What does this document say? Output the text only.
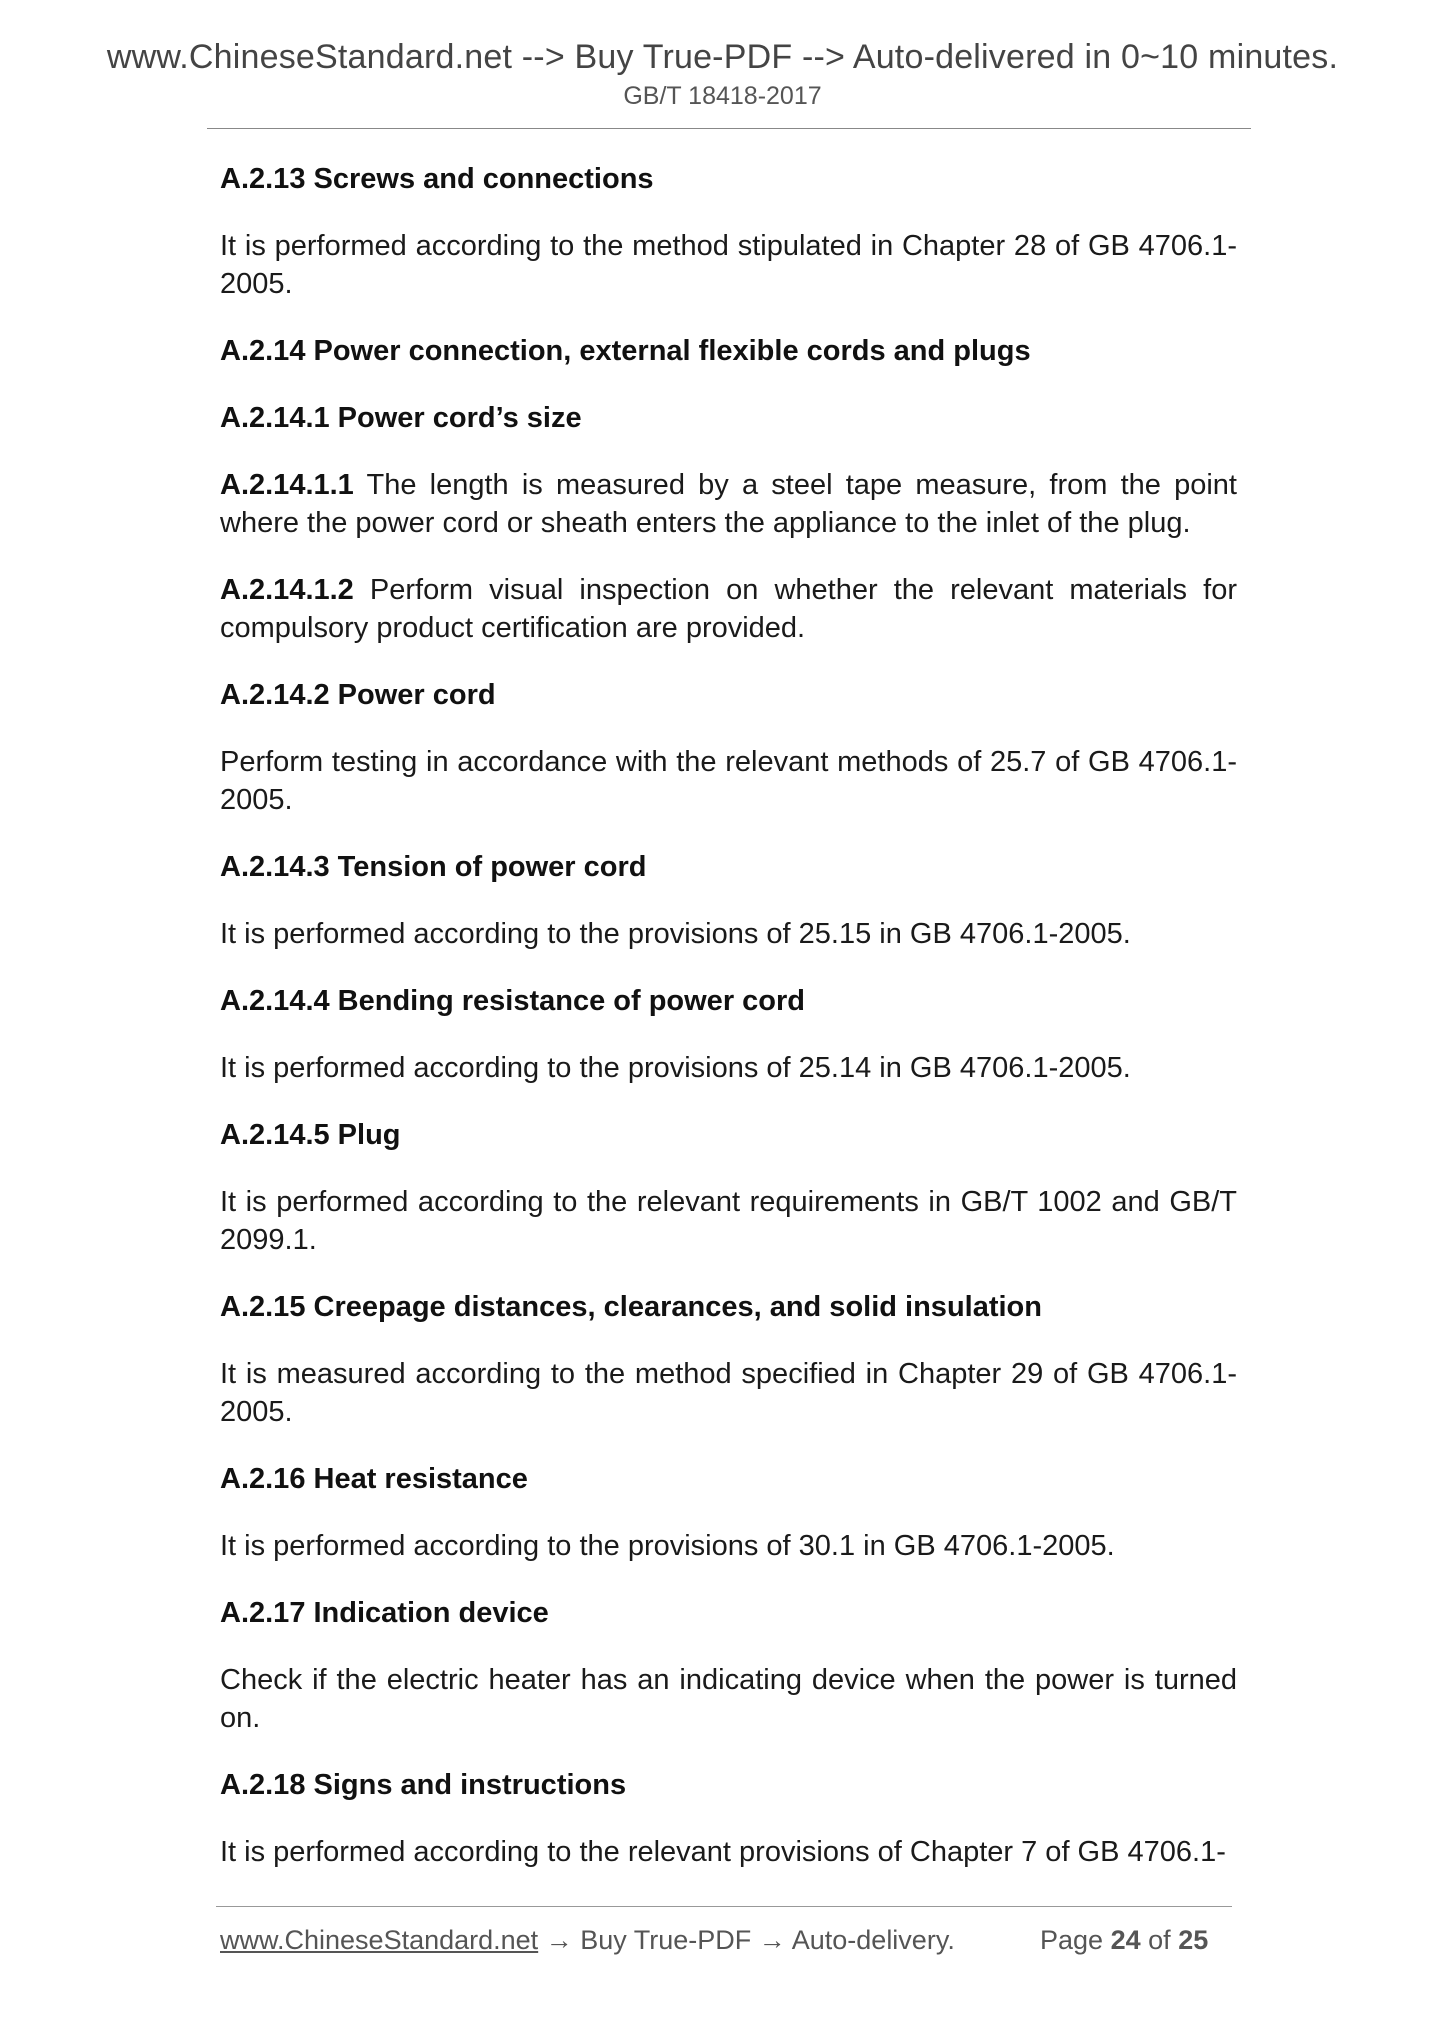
www.ChineseStandard.net --> Buy True-PDF --> Auto-delivered in 0~10 minutes.
GB/T 18418-2017
A.2.13 Screws and connections
It is performed according to the method stipulated in Chapter 28 of GB 4706.1-2005.
A.2.14 Power connection, external flexible cords and plugs
A.2.14.1 Power cord’s size
A.2.14.1.1 The length is measured by a steel tape measure, from the point where the power cord or sheath enters the appliance to the inlet of the plug.
A.2.14.1.2 Perform visual inspection on whether the relevant materials for compulsory product certification are provided.
A.2.14.2 Power cord
Perform testing in accordance with the relevant methods of 25.7 of GB 4706.1-2005.
A.2.14.3 Tension of power cord
It is performed according to the provisions of 25.15 in GB 4706.1-2005.
A.2.14.4 Bending resistance of power cord
It is performed according to the provisions of 25.14 in GB 4706.1-2005.
A.2.14.5 Plug
It is performed according to the relevant requirements in GB/T 1002 and GB/T 2099.1.
A.2.15 Creepage distances, clearances, and solid insulation
It is measured according to the method specified in Chapter 29 of GB 4706.1-2005.
A.2.16 Heat resistance
It is performed according to the provisions of 30.1 in GB 4706.1-2005.
A.2.17 Indication device
Check if the electric heater has an indicating device when the power is turned on.
A.2.18 Signs and instructions
It is performed according to the relevant provisions of Chapter 7 of GB 4706.1-
www.ChineseStandard.net → Buy True-PDF → Auto-delivery.	Page 24 of 25
